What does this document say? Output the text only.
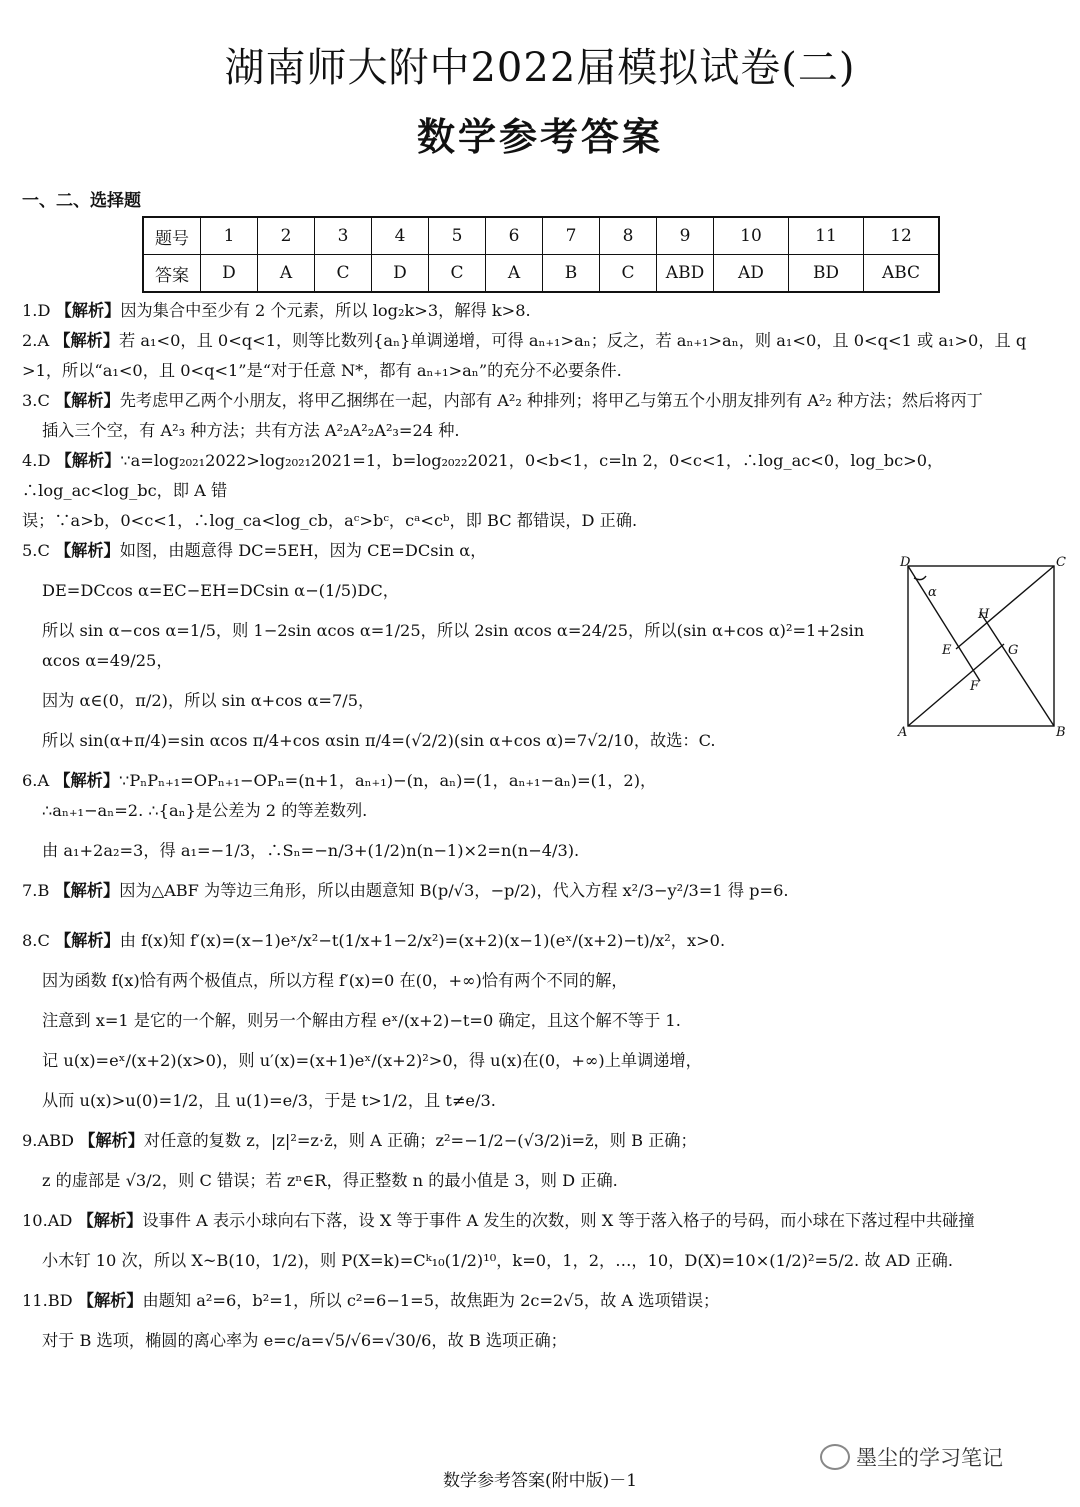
湖南师大附中2022届模拟试卷(二)
数学参考答案
一、二、选择题
题号	1	2	3	4	5	6	7	8	9	10	11	12
答案	D	A	C	D	C	A	B	C	ABD	AD	BD	ABC

1.D 【解析】因为集合中至少有 2 个元素，所以 log₂k>3，解得 k>8.

2.A 【解析】若 a₁<0，且 0<q<1，则等比数列{aₙ}单调递增，可得 aₙ₊₁>aₙ；反之，若 aₙ₊₁>aₙ，则 a₁<0，且 0<q<1 或 a₁>0，且 q

>1，所以“a₁<0，且 0<q<1”是“对于任意 N*，都有 aₙ₊₁>aₙ”的充分不必要条件.

3.C 【解析】先考虑甲乙两个小朋友，将甲乙捆绑在一起，内部有 A²₂ 种排列；将甲乙与第五个小朋友排列有 A²₂ 种方法；然后将丙丁

插入三个空，有 A²₃ 种方法；共有方法 A²₂A²₂A²₃=24 种.

4.D 【解析】∵a=log₂₀₂₁2022>log₂₀₂₁2021=1，b=log₂₀₂₂2021，0<b<1，c=ln 2，0<c<1，∴log_ac<0，log_bc>0，∴log_ac<log_bc，即 A 错

误；∵a>b，0<c<1，∴log_ca<log_cb，aᶜ>bᶜ，cᵃ<cᵇ，即 BC 都错误，D 正确.

5.C 【解析】如图，由题意得 DC=5EH，因为 CE=DCsin α，

DE=DCcos α=EC−EH=DCsin α−(1/5)DC，

所以 sin α−cos α=1/5，则 1−2sin αcos α=1/25，所以 2sin αcos α=24/25，所以(sin α+cos α)²=1+2sin αcos α=49/25，

因为 α∈(0，π/2)，所以 sin α+cos α=7/5，

所以 sin(α+π/4)=sin αcos π/4+cos αsin π/4=(√2/2)(sin α+cos α)=7√2/10，故选：C.

6.A 【解析】∵PₙPₙ₊₁=OPₙ₊₁−OPₙ=(n+1，aₙ₊₁)−(n，aₙ)=(1，aₙ₊₁−aₙ)=(1，2)，

∴aₙ₊₁−aₙ=2. ∴{aₙ}是公差为 2 的等差数列.

由 a₁+2a₂=3，得 a₁=−1/3，∴Sₙ=−n/3+(1/2)n(n−1)×2=n(n−4/3).

7.B 【解析】因为△ABF 为等边三角形，所以由题意知 B(p/√3，−p/2)，代入方程 x²/3−y²/3=1 得 p=6.

8.C 【解析】由 f(x)知 f′(x)=(x−1)eˣ/x²−t(1/x+1−2/x²)=(x+2)(x−1)(eˣ/(x+2)−t)/x²，x>0.

因为函数 f(x)恰有两个极值点，所以方程 f′(x)=0 在(0，+∞)恰有两个不同的解，

注意到 x=1 是它的一个解，则另一个解由方程 eˣ/(x+2)−t=0 确定，且这个解不等于 1.

记 u(x)=eˣ/(x+2)(x>0)，则 u′(x)=(x+1)eˣ/(x+2)²>0，得 u(x)在(0，+∞)上单调递增，

从而 u(x)>u(0)=1/2，且 u(1)=e/3，于是 t>1/2，且 t≠e/3.

9.ABD 【解析】对任意的复数 z，|z|²=z·z̄，则 A 正确；z²=−1/2−(√3/2)i=z̄，则 B 正确；

z 的虚部是 √3/2，则 C 错误；若 zⁿ∈R，得正整数 n 的最小值是 3，则 D 正确.

10.AD 【解析】设事件 A 表示小球向右下落，设 X 等于事件 A 发生的次数，则 X 等于落入格子的号码，而小球在下落过程中共碰撞

小木钉 10 次，所以 X~B(10，1/2)，则 P(X=k)=Cᵏ₁₀(1/2)¹⁰，k=0，1，2，…，10，D(X)=10×(1/2)²=5/2. 故 AD 正确.

11.BD 【解析】由题知 a²=6，b²=1，所以 c²=6−1=5，故焦距为 2c=2√5，故 A 选项错误；

对于 B 选项，椭圆的离心率为 e=c/a=√5/√6=√30/6，故 B 选项正确；

D	C
α
H
G
E
F
A	B
墨尘的学习笔记
数学参考答案(附中版)－1
